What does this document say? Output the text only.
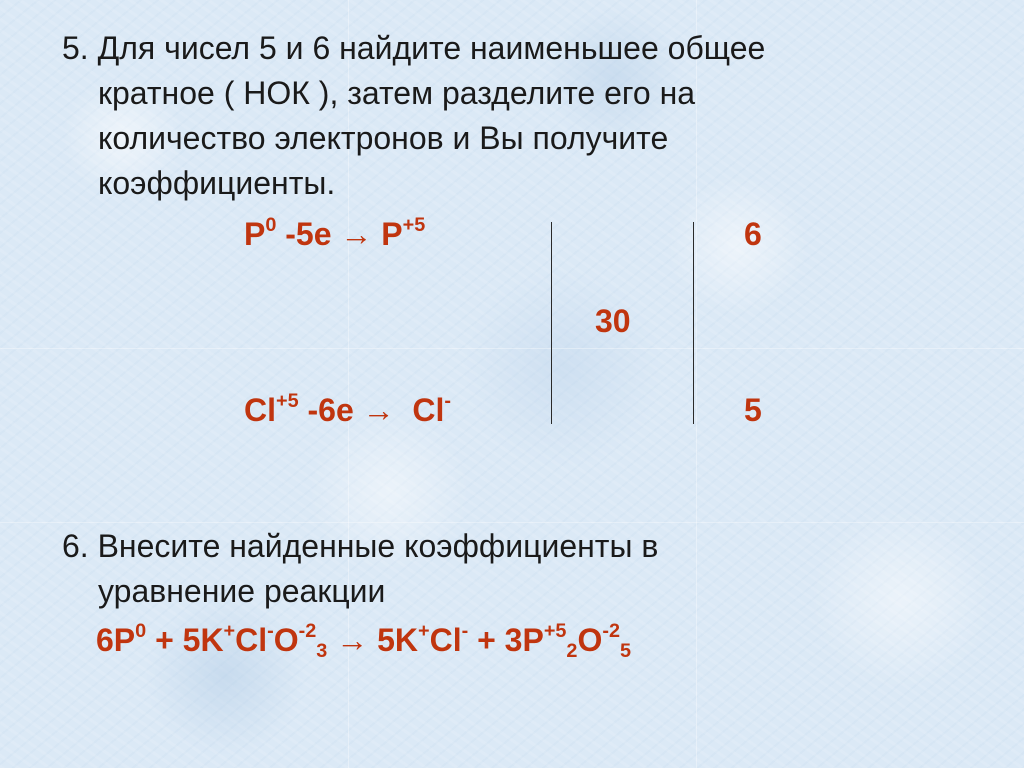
5. Для чисел 5 и 6 найдите наименьшее общее
кратное ( НОК ), затем разделите его на
количество электронов и Вы получите
коэффициенты.
$P^0$ $-5e \to P^{+5}$	6
30
$Cl^{+5}$ -6e →  Cl-	5
6. Внесите найденные коэффициенты в
уравнение реакции
$6P^0 + 5K^+Cl^-O^{-2}_3 \to 5K^+Cl^- + 3P^{+5}_2O^{-2}_5$
